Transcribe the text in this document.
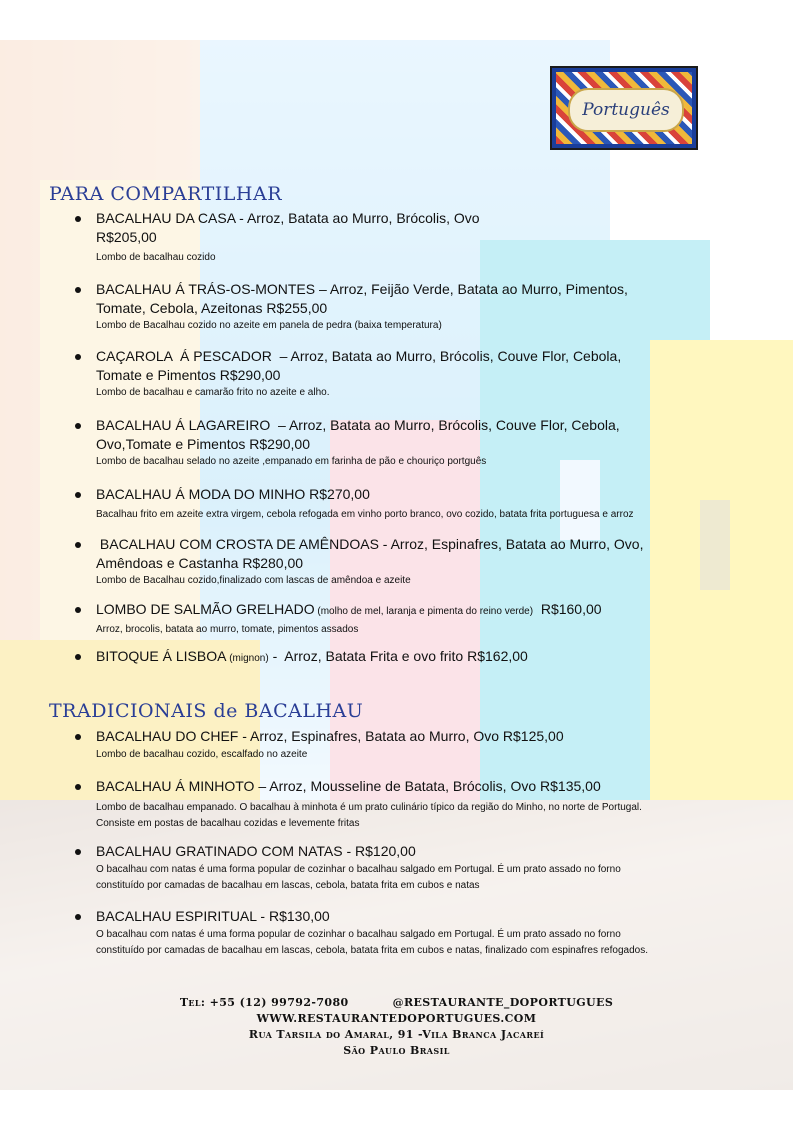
Português
PARA COMPARTILHAR
TRADICIONAIS de BACALHAU
BACALHAU DA CASA - Arroz, Batata ao Murro, Brócolis, Ovo
R$205,00
Lombo de bacalhau cozido
BACALHAU Á TRÁS-OS-MONTES – Arroz, Feijão Verde, Batata ao Murro, Pimentos,
Tomate, Cebola, Azeitonas R$255,00
Lombo de Bacalhau cozido no azeite em panela de pedra (baixa temperatura)
CAÇAROLA  Á PESCADOR  – Arroz, Batata ao Murro, Brócolis, Couve Flor, Cebola,
Tomate e Pimentos R$290,00
Lombo de bacalhau e camarão frito no azeite e alho.
BACALHAU Á LAGAREIRO  – Arroz, Batata ao Murro, Brócolis, Couve Flor, Cebola,
Ovo,Tomate e Pimentos R$290,00
Lombo de bacalhau selado no azeite ,empanado em farinha de pão e chouriço portguês
BACALHAU Á MODA DO MINHO R$270,00
Bacalhau frito em azeite extra virgem, cebola refogada em vinho porto branco, ovo cozido, batata frita portuguesa e arroz
BACALHAU COM CROSTA DE AMÊNDOAS - Arroz, Espinafres, Batata ao Murro, Ovo,
Amêndoas e Castanha R$280,00
Lombo de Bacalhau cozido,finalizado com lascas de amêndoa e azeite
LOMBO DE SALMÃO GRELHADO (molho de mel, laranja e pimenta do reino verde)  R$160,00
Arroz, brocolis, batata ao murro, tomate, pimentos assados
BITOQUE Á LISBOA (mignon) -  Arroz, Batata Frita e ovo frito R$162,00
BACALHAU DO CHEF - Arroz, Espinafres, Batata ao Murro, Ovo R$125,00
Lombo de bacalhau cozido, escalfado no azeite
BACALHAU Á MINHOTO – Arroz, Mousseline de Batata, Brócolis, Ovo R$135,00
Lombo de bacalhau empanado. O bacalhau à minhota é um prato culinário típico da região do Minho, no norte de Portugal.
Consiste em postas de bacalhau cozidas e levemente fritas
BACALHAU GRATINADO COM NATAS - R$120,00
O bacalhau com natas é uma forma popular de cozinhar o bacalhau salgado em Portugal. É um prato assado no forno
constituído por camadas de bacalhau em lascas, cebola, batata frita em cubos e natas
BACALHAU ESPIRITUAL - R$130,00
O bacalhau com natas é uma forma popular de cozinhar o bacalhau salgado em Portugal. É um prato assado no forno
constituído por camadas de bacalhau em lascas, cebola, batata frita em cubos e natas, finalizado com espinafres refogados.
Tel: +55 (12) 99792-7080	@RESTAURANTE_DOPORTUGUES
WWW.RESTAURANTEDOPORTUGUES.COM
Rua Tarsila do Amaral, 91 -Vila Branca Jacareí
São Paulo Brasil
